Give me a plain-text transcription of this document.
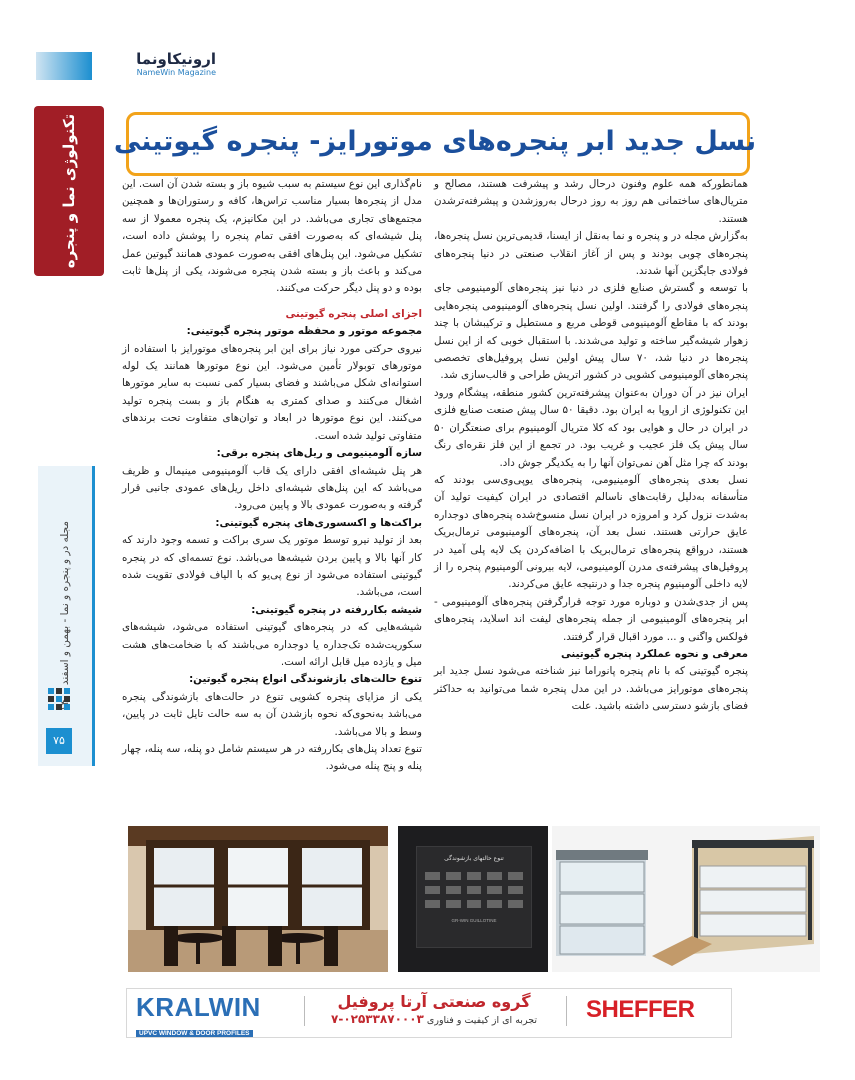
ارونیکاو‌نما
NameWin Magazine
تکنولوژی نما و پنجره
مجله در و پنجره و نما - بهمن و اسفند
۷۵
نسل جدید ابر پنجره‌های موتورایز- پنجره گیوتینی

همانطورکه همه علوم وفنون درحال رشد و پیشرفت هستند، مصالح و متریال‌های ساختمانی هم روز به روز درحال به‌روزشدن و پیشرفته‌ترشدن هستند.

به‌گزارش مجله در و پنجره و نما به‌نقل از ایسنا، قدیمی‌ترین نسل پنجره‌ها، پنجره‌های چوبی بودند و پس از آغاز انقلاب صنعتی در دنیا پنجره‌های فولادی جایگزین آنها شدند.

با توسعه و گسترش صنایع فلزی در دنیا نیز پنجره‌های آلومینیومی جای پنجره‌های فولادی را گرفتند. اولین نسل پنجره‌های آلومینیومی پنجره‌هایی بودند که با مقاطع آلومینیومی قوطی مربع و مستطیل و ترکیبشان با چند زهوار شیشه‌گیر ساخته و تولید می‌شدند. با استقبال خوبی که از این نسل پنجره‌ها در دنیا شد، ۷۰ سال پیش اولین نسل پروفیل‌های تخصصی پنجره‌های آلومینیومی کشویی در کشور اتریش طراحی و قالب‌سازی شد.

ایران نیز در آن دوران به‌عنوان پیشرفته‌ترین کشور منطقه، پیشگام ورود این تکنولوژی از اروپا به ایران بود. دقیقا ۵۰ سال پیش صنعت صنایع فلزی در ایران در حال و هوایی بود که کلا متریال آلومینیوم برای صنعتگران ۵۰ سال پیش یک فلز عجیب و غریب بود. در تجمع از این فلز نقره‌ای رنگ بودند که چرا مثل آهن نمی‌توان آنها را به یکدیگر جوش داد.

نسل بعدی پنجره‌های آلومینیومی، پنجره‌های یوپی‌وی‌سی بودند که متأسفانه به‌دلیل رقابت‌های ناسالم اقتصادی در ایران کیفیت تولید آن به‌شدت نزول کرد و امروزه در ایران نسل منسوخ‌شده پنجره‌های دوجداره عایق حرارتی هستند. نسل بعد آن، پنجره‌های آلومینیومی ترمال‌بریک هستند، درواقع پنجره‌های ترمال‌بریک با اضافه‌کردن یک لایه پلی آمید در پروفیل‌های پیشرفته‌ی مدرن آلومینیومی، لایه بیرونی آلومینیوم پنجره را از لایه داخلی آلومینیوم پنجره جدا و درنتیجه عایق می‌کردند.

پس از جدی‌شدن و دوباره مورد توجه قرارگرفتن پنجره‌های آلومینیومی - ابر پنجره‌های آلومینیومی از جمله پنجره‌های لیفت اند اسلاید، پنجره‌های فولکس واگنی و ... مورد اقبال قرار گرفتند.

معرفی و نحوه عملکرد پنجره گیوتینی

پنجره گیوتینی که با نام پنجره پانوراما نیز شناخته می‌شود نسل جدید ابر پنجره‌های موتورایز می‌باشد. در این مدل پنجره شما می‌توانید به حداکثر فضای بازشو دسترسی داشته باشید. علت

نام‌گذاری این نوع سیستم به سبب شیوه باز و بسته شدن آن است. این مدل از پنجره‌ها بسیار مناسب تراس‌ها، کافه و رستوران‌ها و همچنین مجتمع‌های تجاری می‌باشد. در این مکانیزم، یک پنجره معمولا از سه پنل شیشه‌ای که به‌صورت افقی تمام پنجره را پوشش داده است، تشکیل می‌شود. این پنل‌های افقی به‌صورت عمودی همانند گیوتین عمل می‌کند و باعث باز و بسته شدن پنجره می‌شوند، یکی از پنل‌ها ثابت بوده و دو پنل دیگر حرکت می‌کنند.

اجزای اصلی پنجره گیوتینی

مجموعه موتور و محفظه موتور پنجره گیوتینی:

نیروی حرکتی مورد نیاز برای این ابر پنجره‌های موتورایز با استفاده از موتورهای توبولار تأمین می‌شود. این نوع موتورها همانند یک لوله استوانه‌ای شکل می‌باشند و فضای بسیار کمی نسبت به سایر موتورها اشغال می‌کنند و صدای کمتری به هنگام باز و بست پنجره تولید می‌کنند. این نوع موتورها در ابعاد و توان‌های متفاوت تحت برندهای متفاوتی تولید شده است.

سازه آلومینیومی و ریل‌های پنجره برقی:

هر پنل شیشه‌ای افقی دارای یک قاب آلومینیومی مینیمال و ظریف می‌باشد که این پنل‌های شیشه‌ای داخل ریل‌های عمودی جانبی قرار گرفته و به‌صورت عمودی بالا و پایین می‌رود.

براکت‌ها و اکسسوری‌های پنجره گیوتینی:

بعد از تولید نیرو توسط موتور یک سری براکت و تسمه وجود دارند که کار آنها بالا و پایین بردن شیشه‌ها می‌باشد. نوع تسمه‌ای که در پنجره گیوتینی استفاده می‌شود از نوع پی‌یو که با الیاف فولادی تقویت شده است، می‌باشد.

شیشه بکاررفته در پنجره گیوتینی:

شیشه‌هایی که در پنجره‌های گیوتینی استفاده می‌شود، شیشه‌های سکوریت‌شده تک‌جداره یا دوجداره می‌باشند که با ضخامت‌های هشت میل و یازده میل قابل ارائه است.

تنوع حالت‌های بازشوندگی انواع پنجره گیوتین:

یکی از مزایای پنجره کشویی تنوع در حالت‌های بازشوندگی پنجره می‌باشد به‌نحوی‌که نحوه بازشدن آن به سه حالت تایل ثابت در پایین، وسط و بالا می‌باشد.

تنوع تعداد پنل‌های بکاررفته در هر سیستم شامل دو پنله، سه پنله، چهار پنله و پنج پنله می‌شود.

تنوع حالتهای بازشوندگی
GR-WIN GUILLOTINE
KRALWIN
UPVC WINDOW & DOOR PROFILES
گروه صنعتی آرتا پروفیل
تجربه ای از کیفیت و فناوری ۰۲۵۳۳۸۷۰۰۰۳-۷	SHEFFER
